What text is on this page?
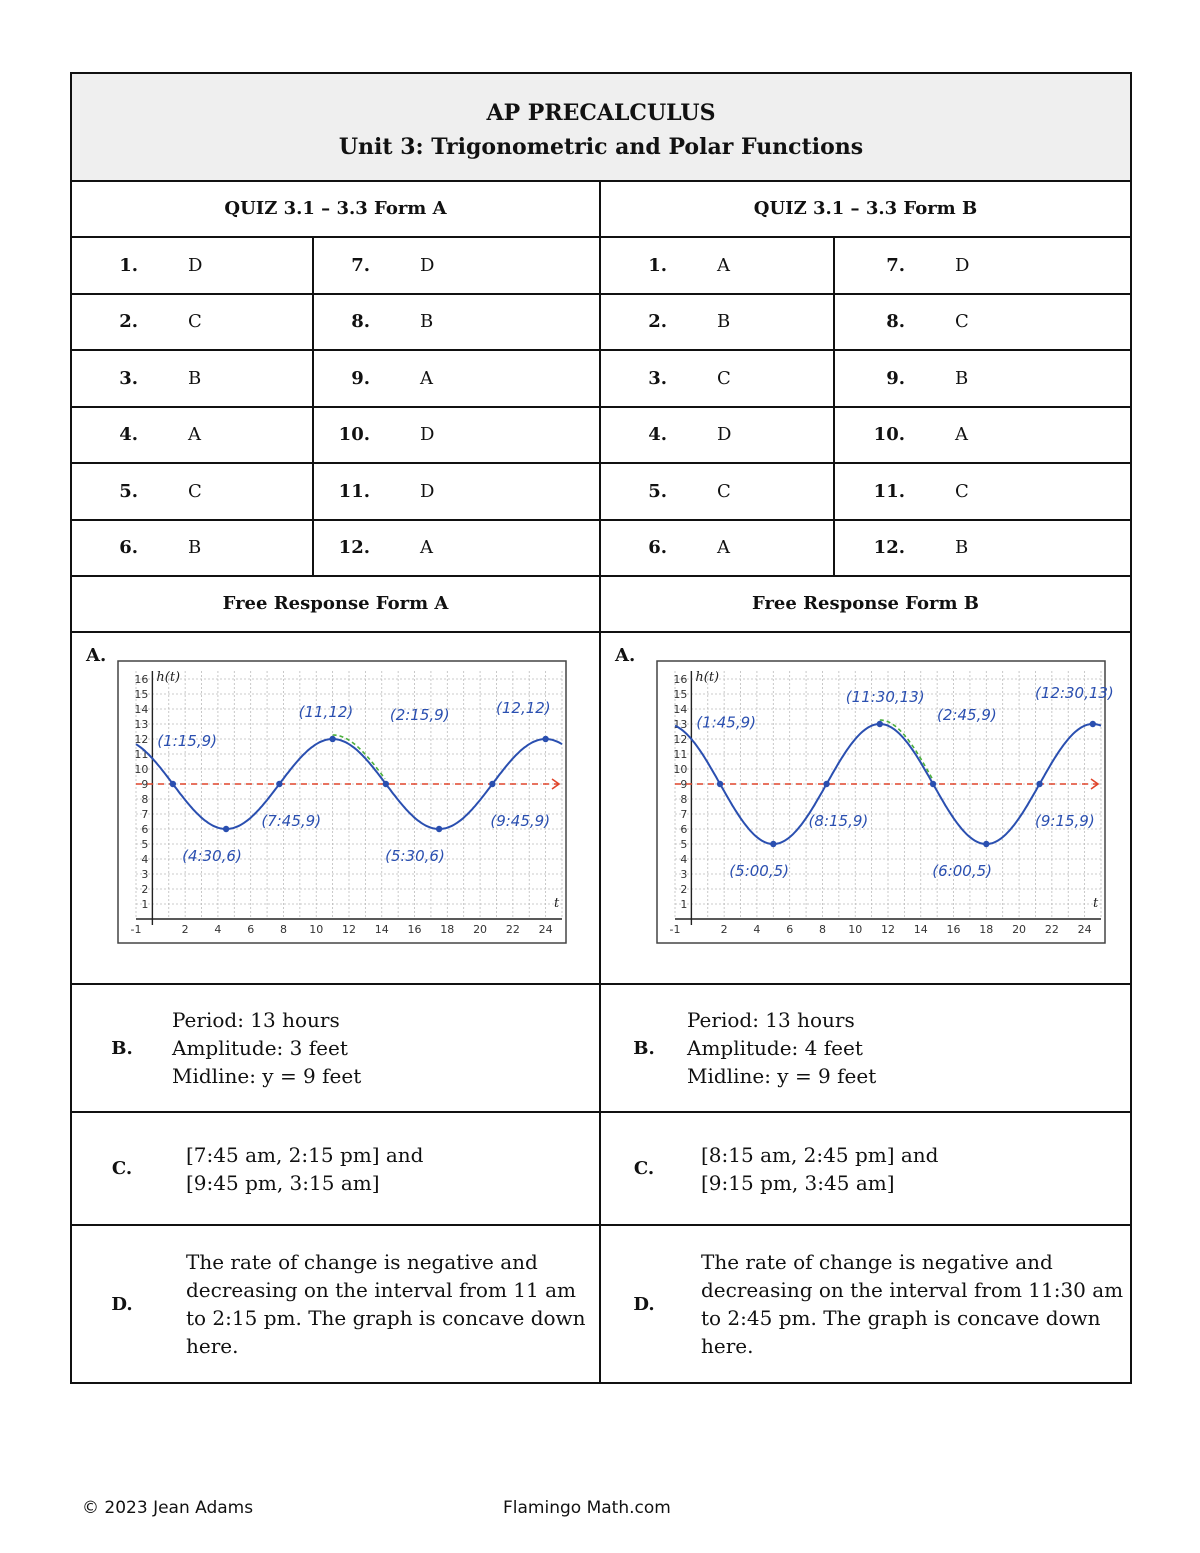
AP PRECALCULUS
Unit 3: Trigonometric and Polar Functions
QUIZ 3.1 – 3.3 Form A	QUIZ 3.1 – 3.3 Form B
1.	D	7.	D	1.	A	7.	D
2.	C	8.	B	2.	B	8.	C
3.	B	9.	A	3.	C	9.	B
4.	A	10.	D	4.	D	10.	A
5.	C	11.	D	5.	C	11.	C
6.	B	12.	A	6.	A	12.	B
Free Response Form A	Free Response Form B
A.
-1	2 4 6 8 10 12 14 16 18 20 22 24
1
2
3
4
5
6
7
8
9
10
11
12
13
14
15
16 h(t)
t
(1:15,9)
(4:30,6)
(7:45,9)
(11,12) (2:15,9)
(5:30,6)
(9:45,9)
(12,12)
A.
-1	2 4 6 8 10 12 14 16 18 20 22 24
1
2
3
4
5
6
7
8
9
10
11
12
13
14
15
16 h(t)
t
(1:45,9)
(5:00,5)
(8:15,9)
(11:30,13)
(2:45,9)
(6:00,5)
(9:15,9)
(12:30,13)
B.
Period: 13 hours
Amplitude: 3 feet
Midline: y = 9 feet
B.
Period: 13 hours
Amplitude: 4 feet
Midline: y = 9 feet
C.
[7:45 am, 2:15 pm] and
[9:45 pm, 3:15 am]
C.
[8:15 am, 2:45 pm] and
[9:15 pm, 3:45 am]
D.
The rate of change is negative and
decreasing on the interval from 11 am
to 2:15 pm. The graph is concave down
here.
D.
The rate of change is negative and
decreasing on the interval from 11:30 am
to 2:45 pm. The graph is concave down
here.
© 2023 Jean Adams	Flamingo Math.com
